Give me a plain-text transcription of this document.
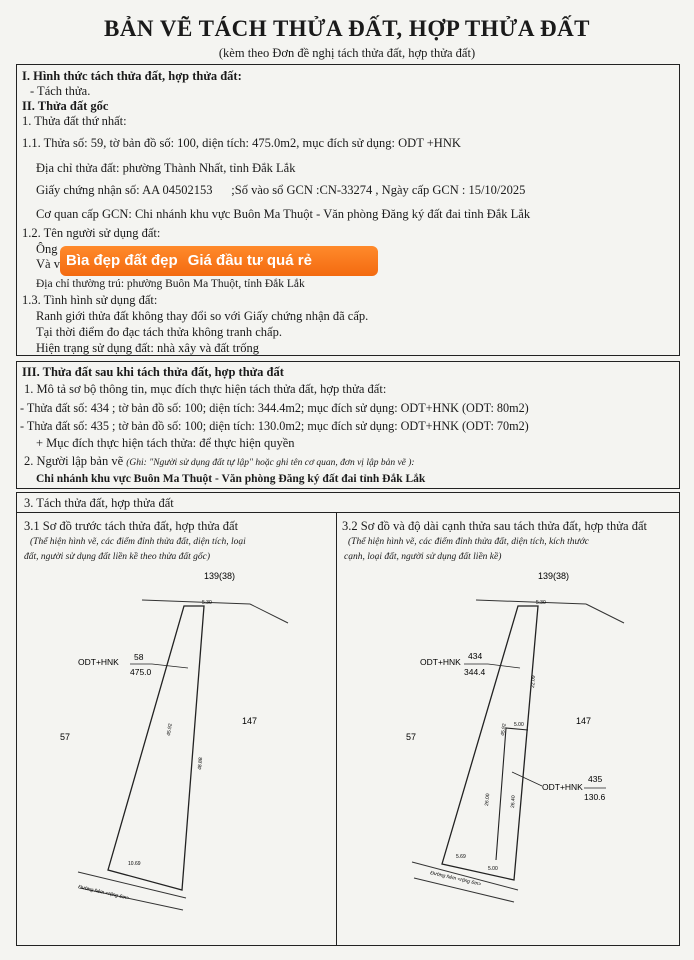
BẢN VẼ TÁCH THỬA ĐẤT, HỢP THỬA ĐẤT
(kèm theo Đơn đề nghị tách thửa đất, hợp thửa đất)
I. Hình thức tách thửa đất, hợp thửa đất:
- Tách thửa.
II. Thửa đất gốc
1. Thửa đất thứ nhất:
1.1. Thửa số: 59, tờ bản đồ số: 100, diện tích: 475.0m2, mục đích sử dụng: ODT +HNK
Địa chỉ thửa đất: phường Thành Nhất, tỉnh Đắk Lắk
Giấy chứng nhận số: AA 04502153      ;Số vào sổ GCN :CN-33274 , Ngày cấp GCN : 15/10/2025
Cơ quan cấp GCN: Chi nhánh khu vực Buôn Ma Thuột - Văn phòng Đăng ký đất đai tỉnh Đắk Lắk
1.2. Tên người sử dụng đất:
Ông
Và v Bìa đẹp đất đẹp Giá đầu tư quá rẻ
Địa chỉ thường trú: phường Buôn Ma Thuột, tỉnh Đắk Lắk
1.3. Tình hình sử dụng đất:
Ranh giới thửa đất không thay đổi so với Giấy chứng nhận đã cấp.
Tại thời điểm đo đạc tách thửa không tranh chấp.
Hiện trạng sử dụng đất: nhà xây và đất trống
III. Thửa đất sau khi tách thửa đất, hợp thửa đất
1. Mô tả sơ bộ thông tin, mục đích thực hiện tách thửa đất, hợp thửa đất:
- Thửa đất số: 434 ; tờ bản đồ số: 100; diện tích: 344.4m2; mục đích sử dụng: ODT+HNK (ODT: 80m2)
- Thửa đất số: 435 ; tờ bản đồ số: 100; diện tích: 130.0m2; mục đích sử dụng: ODT+HNK (ODT: 70m2)
+ Mục đích thực hiện tách thửa: để thực hiện quyền
2. Người lập bản vẽ (Ghi: "Người sử dụng đất tự lập" hoặc ghi tên cơ quan, đơn vị lập bản vẽ ):
Chi nhánh khu vực Buôn Ma Thuột - Văn phòng Đăng ký đất đai tỉnh Đắk Lắk
3. Tách thửa đất, hợp thửa đất
3.1 Sơ đồ trước tách thửa đất, hợp thửa đất
(Thể hiện hình vẽ, các điểm đỉnh thửa đất, diện tích, loại
đất, người sử dụng đất liền kề theo thửa đất gốc)
3.2 Sơ đồ và độ dài cạnh thửa sau tách thửa đất, hợp thửa đất
(Thể hiện hình vẽ, các điểm đỉnh thửa đất, diện tích, kích thước
cạnh, loại đất, người sử dụng đất liền kề)
139(38)
5.30
45.92
48.88
10.69
ODT+HNK 58
475.0
57
147
Đường hẻm <rộng 6m>
139(38)
5.30
45.92
22.09
5.00
26.00	26.40
5.69
5.00
ODT+HNK
434
344.4
ODT+HNK
435
130.6
57
147
Đường hẻm <rộng 6m>
